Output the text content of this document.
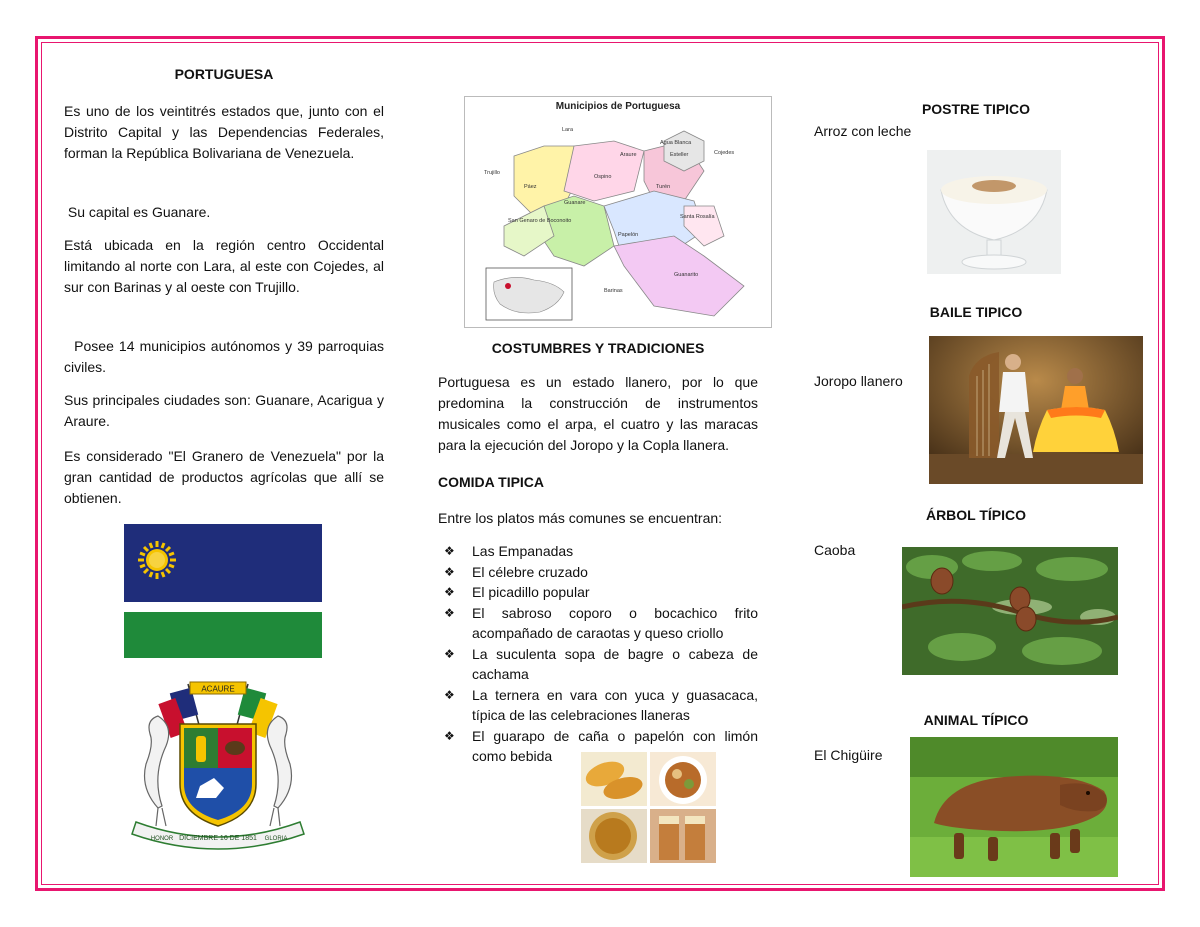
PORTUGUESA
Es uno de los veintitrés estados que, junto con el Distrito Capital y las Dependencias Federales, forman la República Bolivariana de Venezuela.
Su capital es Guanare.
Está ubicada en la región centro Occidental limitando al norte con Lara, al este con Cojedes, al sur con Barinas y al oeste con Trujillo.
Posee 14 municipios autónomos y 39 parroquias civiles.
Sus principales ciudades son: Guanare, Acarigua y Araure.
Es considerado "El Granero de Venezuela" por la gran cantidad de productos agrícolas que allí se obtienen.
ACAURE
DICIEMBRE 16 DE 1851
HONOR	GLORIA
Municipios de Portuguesa
Lara
Trujillo
Ospino
Guanare
Turén
Santa Rosalía
Papelón
Guanarito
San Genaro de Boconoito
Barinas
Cojedes
Araure
Páez
Esteller
Agua Blanca
COSTUMBRES Y TRADICIONES
Portuguesa es un estado llanero, por lo que predomina la construcción de instrumentos musicales como el arpa, el cuatro y las maracas para la ejecución del Joropo y la Copla llanera.
COMIDA TIPICA
Entre los platos más comunes se encuentran:
❖ Las Empanadas
❖ El célebre cruzado
❖ El picadillo popular
❖ El sabroso coporo o bocachico frito acompañado de caraotas y queso criollo
❖ La suculenta sopa de bagre o cabeza de cachama
❖ La ternera en vara con yuca y guasacaca, típica de las celebraciones llaneras
❖ El guarapo de caña o papelón con limón como bebida
POSTRE TIPICO
Arroz con leche
BAILE TIPICO
Joropo llanero
ÁRBOL TÍPICO
Caoba
ANIMAL TÍPICO
El Chigüire
